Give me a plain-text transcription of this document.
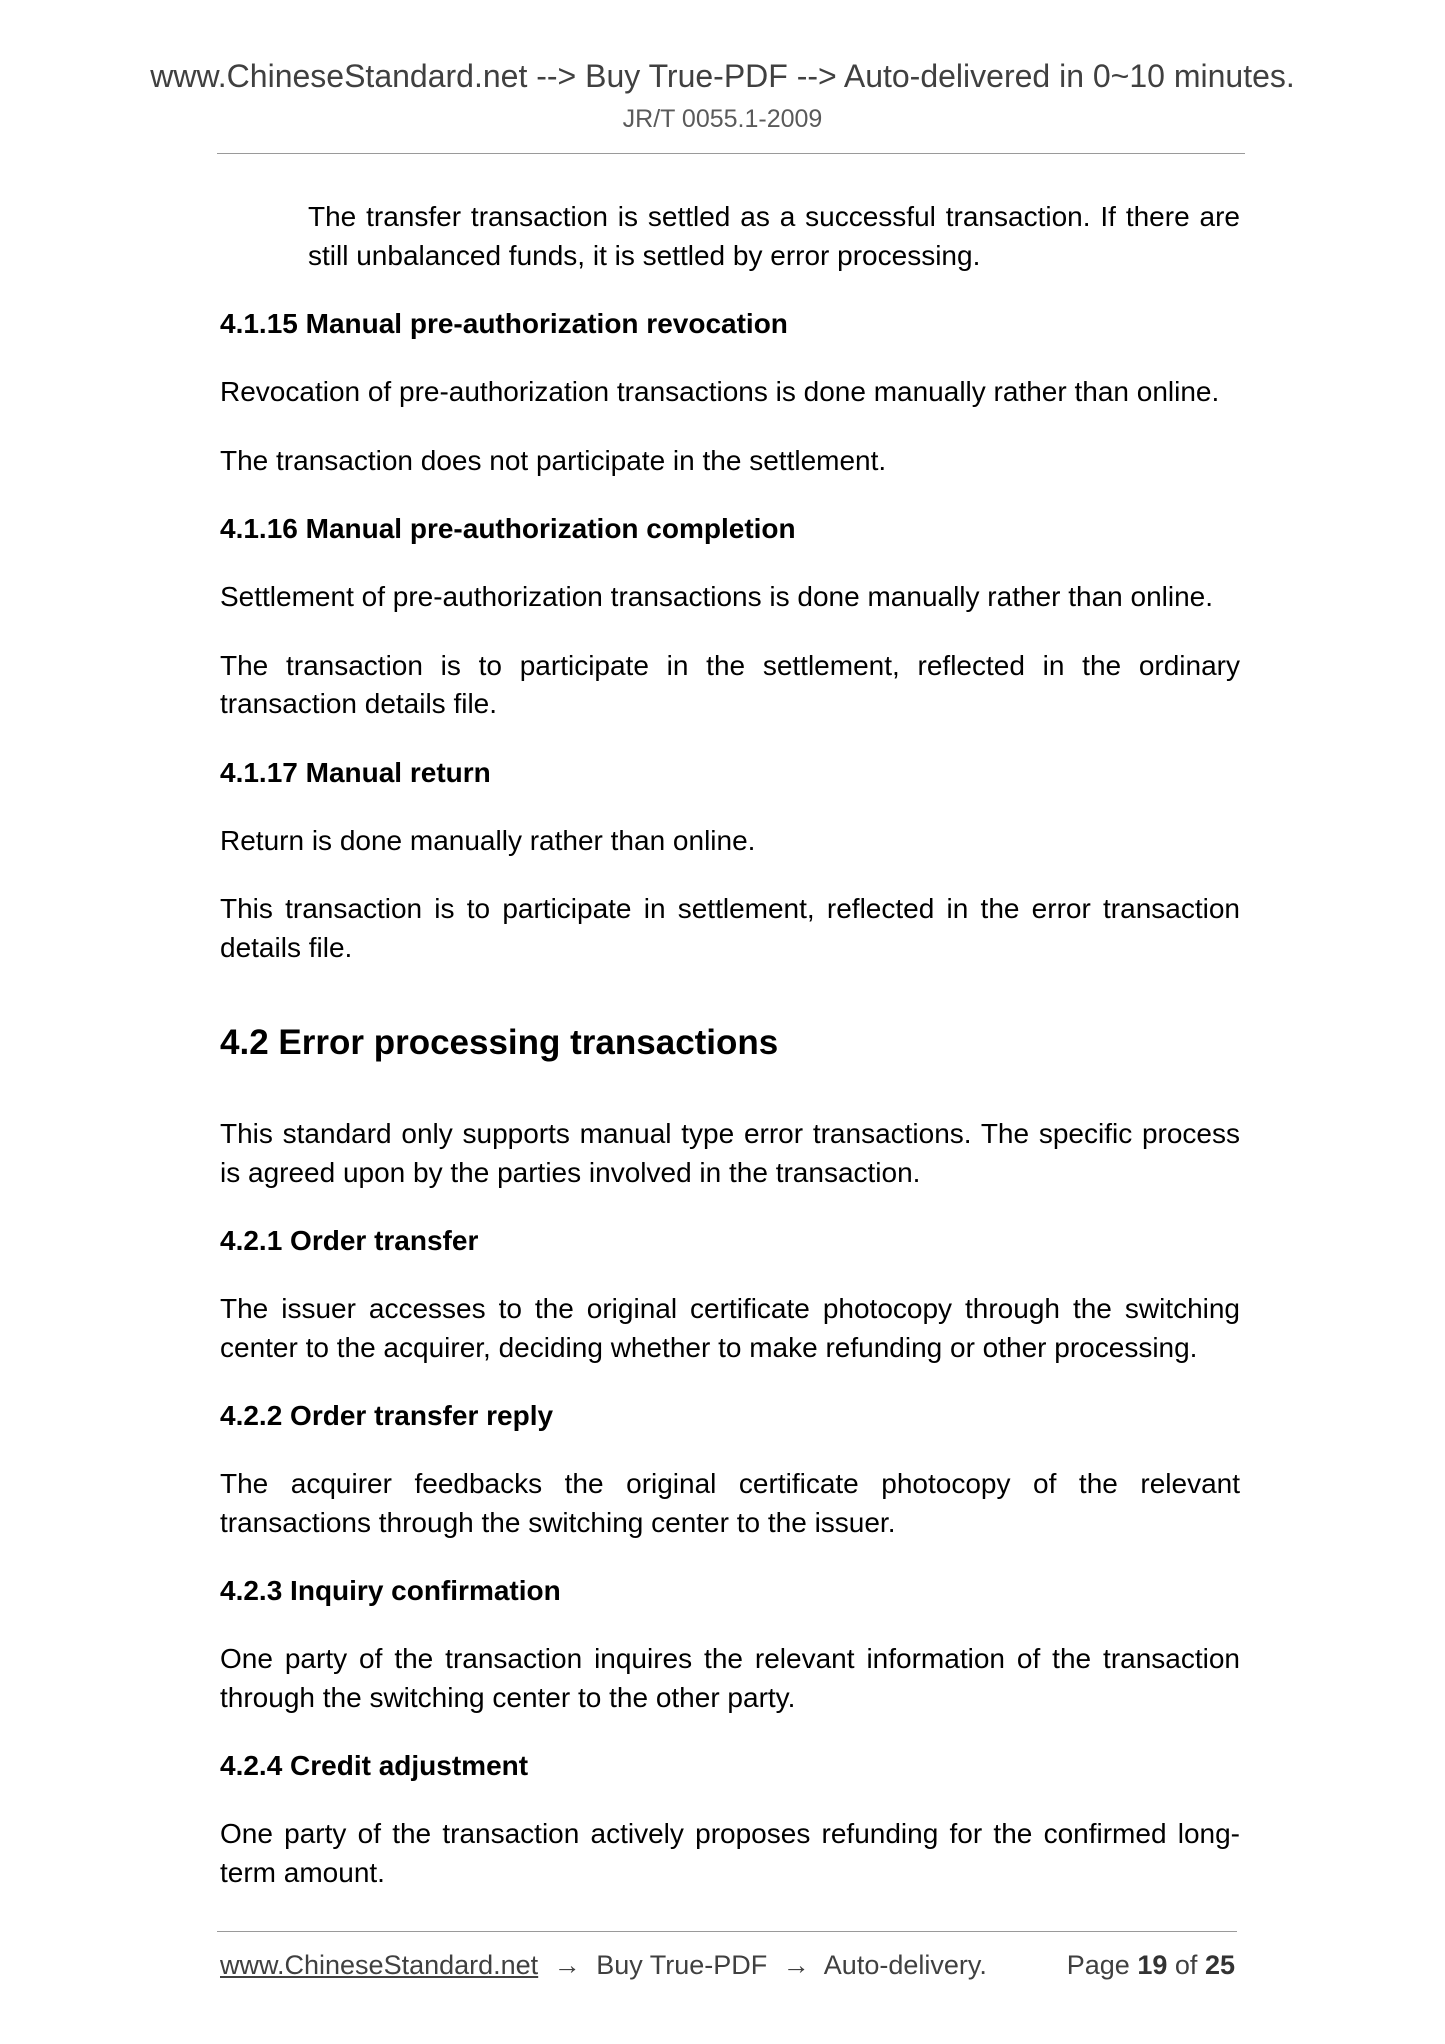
www.ChineseStandard.net --> Buy True-PDF --> Auto-delivered in 0~10 minutes.
JR/T 0055.1-2009

The transfer transaction is settled as a successful transaction. If there are still unbalanced funds, it is settled by error processing.

4.1.15 Manual pre-authorization revocation

Revocation of pre-authorization transactions is done manually rather than online.

The transaction does not participate in the settlement.

4.1.16 Manual pre-authorization completion

Settlement of pre-authorization transactions is done manually rather than online.

The transaction is to participate in the settlement, reflected in the ordinary transaction details file.

4.1.17 Manual return

Return is done manually rather than online.

This transaction is to participate in settlement, reflected in the error transaction details file.

4.2 Error processing transactions

This standard only supports manual type error transactions. The specific process is agreed upon by the parties involved in the transaction.

4.2.1 Order transfer

The issuer accesses to the original certificate photocopy through the switching center to the acquirer, deciding whether to make refunding or other processing.

4.2.2 Order transfer reply

The acquirer feedbacks the original certificate photocopy of the relevant transactions through the switching center to the issuer.

4.2.3 Inquiry confirmation

One party of the transaction inquires the relevant information of the transaction through the switching center to the other party.

4.2.4 Credit adjustment

One party of the transaction actively proposes refunding for the confirmed long-term amount.

www.ChineseStandard.net → Buy True-PDF → Auto-delivery.	Page 19 of 25
